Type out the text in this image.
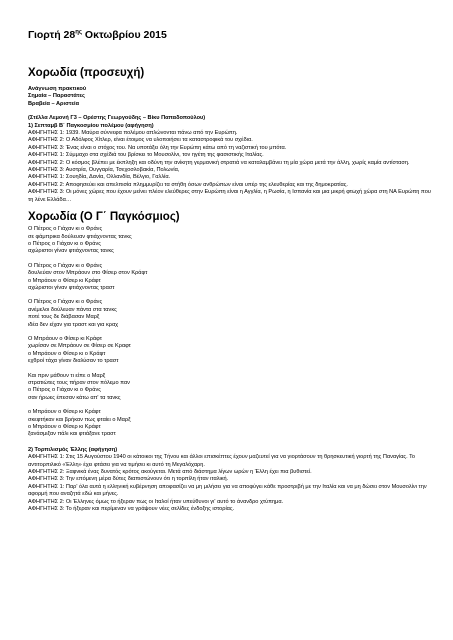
Γιορτή $28^{\eta\varsigma}$ Οκτωβρίου 2015
Χορωδία (προσευχή)
Ανάγνωση πρακτικού
Σημαία – Παραστάτες
Βραβεία – Αριστεία
(Στέλλα Λεμονή Γ3 – Ορέστης Γεωργούδης – Βίκυ Παπαδοπούλου)
1) Σεπταμβ Β΄ Παγκοσμίου πολέμου (αφήγηση)
ΑΦΗΓΗΤΗΣ 1: 1939. Μαύρα σύννεφα πολέμου απλώνονται πάνω από την Ευρώπη.
ΑΦΗΓΗΤΗΣ 2: Ο Αδόλφος Χίτλερ, είναι έτοιμος να υλοποιήσει τα καταστροφικά του σχέδια.
ΑΦΗΓΗΤΗΣ 3: Ένας είναι ο στόχος του. Να υποτάξει όλη την Ευρώπη κάτω από τη ναζιστική του μπότα.
ΑΦΗΓΗΤΗΣ 1: Σύμμαχο στα σχέδιά του βρίσκει το Μουσολίνι, τον ηγέτη της φασιστικής Ιταλίας.
ΑΦΗΓΗΤΗΣ 2: Ο κόσμος βλέπει με έκπληξη και οδύνη την ανίκητη γερμανική στρατιά να καταλαμβάνει τη μία χώρα μετά την άλλη, χωρίς καμία αντίσταση.
ΑΦΗΓΗΤΗΣ 3: Αυστρία, Ουγγαρία, Τσεχοσλοβακία, Πολωνία,
ΑΦΗΓΗΤΗΣ 1: Σουηδία, Δανία, Ολλανδία, Βέλγιο, Γαλλία.
ΑΦΗΓΗΤΗΣ 2: Αποφησεύει και απελπισία πλημμυρίζει τα στήθη όσων ανθρώπων είναι υπέρ της ελευθερίας και της δημοκρατίας.
ΑΦΗΓΗΤΗΣ 3: Οι μόνες χώρες που έχουν μείνει πλέον ελεύθερες στην Ευρώπη είναι η Αγγλία, η Ρωσία, η Ισπανία και μια μικρή φτωχή χώρα στη ΝΑ Ευρώπη που τη λένε Ελλάδα…
Χορωδία (Ο Γ΄ Παγκόσμιος)
Ο Πέτρος ο Γιάχαν κι ο Φράνς
σε φάμπρικα δούλευαν φτιάχνοντας τανκς
ο Πέτρος ο Γιάχαν κι ο Φράνς
αχώριστοι γίναν φτιάχνοντας τανκς
Ο Πέτρος ο Γιάχαν κι ο Φράνς
δουλεύαν στον Μπράουν στο Φίσερ στον Κράφτ
ο Μπράουν ο Φίσερ κι Κράφτ
αχώριστοι γίναν φτιάχνοντας τραστ
Ο Πέτρος ο Γιάχαν κι ο Φράνς
ανέμελοι δούλευαν πάντα στα τανκς
ποτέ τους δε διάβασαν Μαρξ
ιδέα δεν είχαν για τραστ και για κραχ
Ο Μπράουν ο Φίσερ κι Κράφτ
χωρίσαν σε Μπράουν σε Φίσερ σε Κραφτ
ο Μπράουν ο Φίσερ κι ο Κράφτ
εχθροί τάχα γίναν διαλύσαν το τραστ
Και πριν μάθουν τι είπε ο Μαρξ
στρατιώτες τους πήραν στον πόλεμο παν
ο Πέτρος ο Γιάχαν κι ο Φράνς
σαν ήρωες έπεσαν κάτω απ' τα τανκς
ο Μπράουν ο Φίσερ κι Κράφτ
σκεφτήκαν και βρήκαν πως φταίει ο Μαρξ
ο Μπράουν ο Φίσερ κι Κράφτ
ξανάσμιξαν πάλι και φτιάξανε τραστ
2) Τορπιλισμός Έλλης (αφήγηση)
ΑΦΗΓΗΤΗΣ 1: Στις 15 Αυγούστου 1940 οι κάτοικοι της Τήνου και άλλοι επισκέπτες έχουν μαζευτεί για να γιορτάσουν τη θρησκευτική γιορτή της Παναγίας. Το αντιτορπιλικό «Έλλη» έχει φτάσει για να τιμήσει κι αυτό τη Μεγαλόχαρη.
ΑΦΗΓΗΤΗΣ 2: Ξαφνικά ένας δυνατός κρότος ακούγεται. Μετά από διάστημα λίγων ωρών η Έλλη έχει πια βυθιστεί.
ΑΦΗΓΗΤΗΣ 3: Την επόμενη μέρα δύτες διαπιστώνουν ότι η τορπίλη ήταν ιταλική.
ΑΦΗΓΗΤΗΣ 1: Παρ' όλα αυτά η ελληνική κυβέρνηση αποφασίζει να μη μιλήσει για να αποφύγει κάθε προστριβή με την Ιταλία και να μη δώσει στον Μουσολίνι την αφορμή που αναζητά εδώ και μήνες.
ΑΦΗΓΗΤΗΣ 2: Οι Έλληνες όμως το ήξεραν πως οι Ιταλοί ήταν υπεύθυνοι γι' αυτό το άνανδρο χτύπημα.
ΑΦΗΓΗΤΗΣ 3: Το ήξεραν και περίμεναν να γράψουν νέες σελίδες ένδοξης ιστορίας.
